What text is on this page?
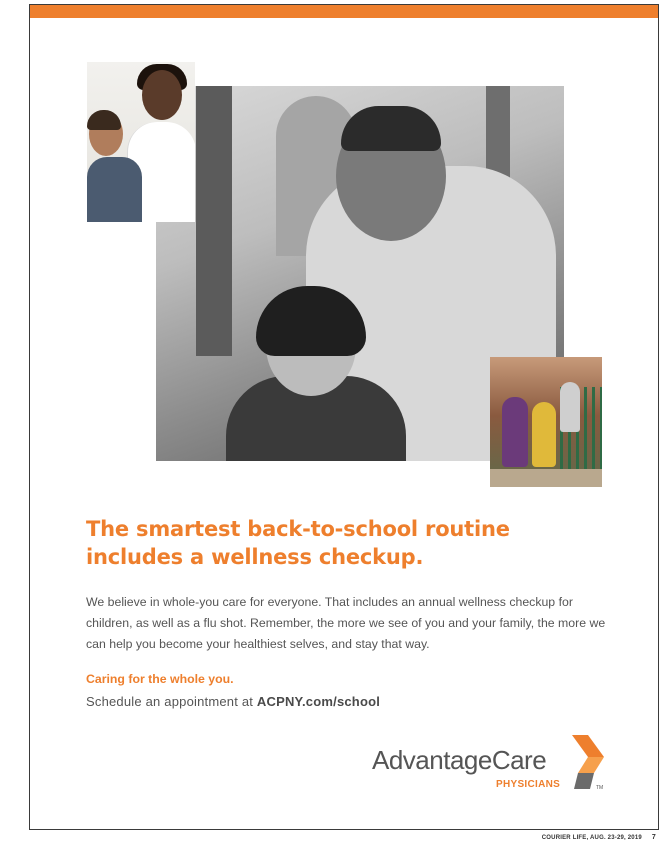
The smartest back-to-school routine includes a wellness checkup.

We believe in whole-you care for everyone. That includes an annual wellness checkup for children, as well as a flu shot. Remember, the more we see of you and your family, the more we can help you become your healthiest selves, and stay that way.

Caring for the whole you.

Schedule an appointment at ACPNY.com/school

AdvantageCare
PHYSICIANS	TM
COURIER LIFE, AUG. 23-29, 2019 7
